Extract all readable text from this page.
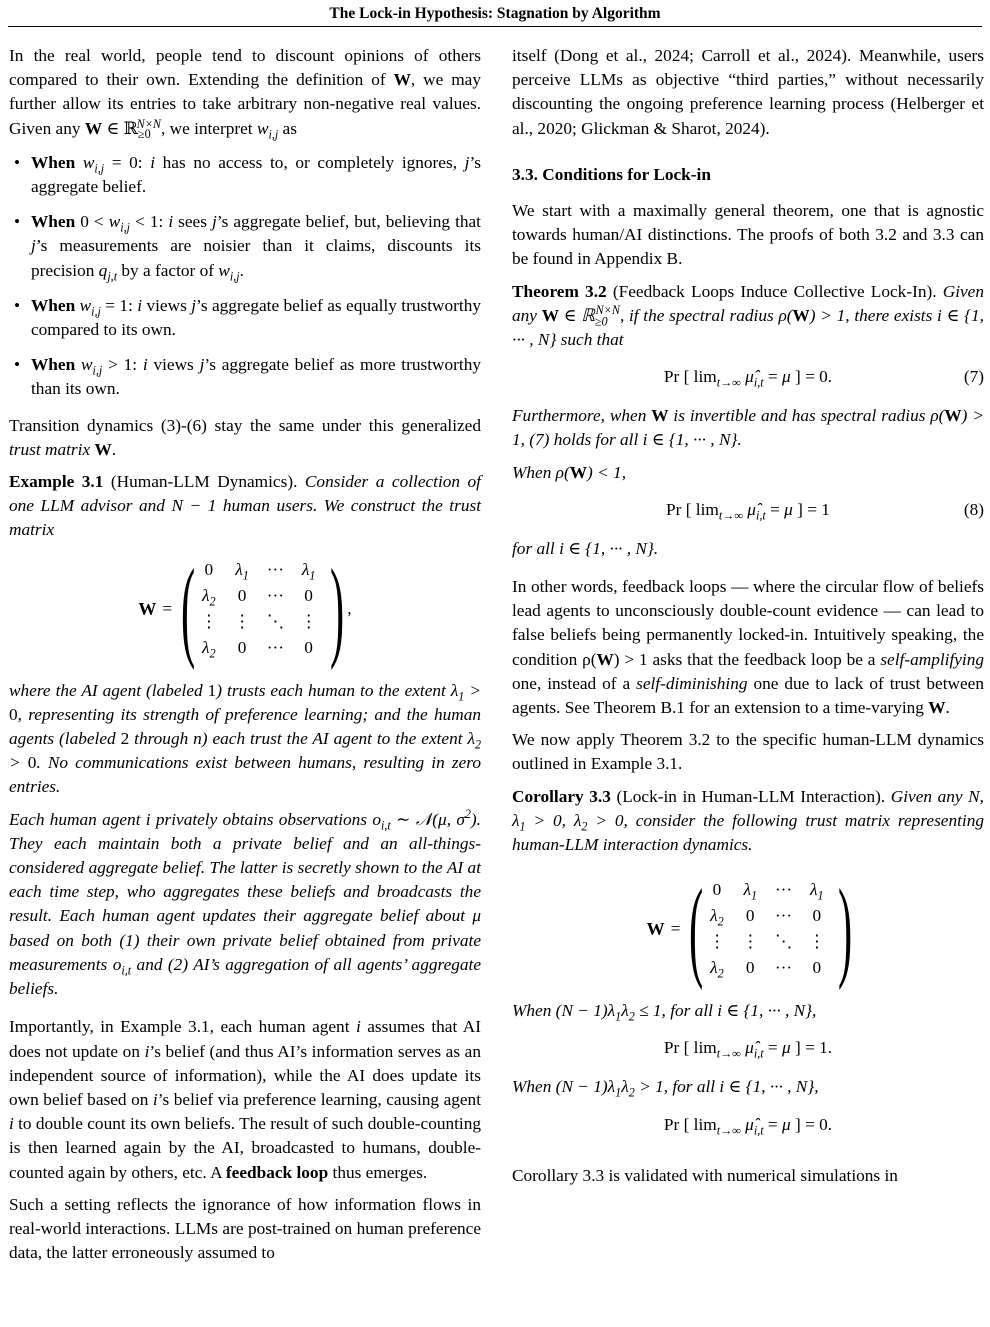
The Lock-in Hypothesis: Stagnation by Algorithm

In the real world, people tend to discount opinions of others compared to their own. Extending the definition of W, we may further allow its entries to take arbitrary non-negative real values. Given any W ∈ ℝ$_{\ge 0}^{N\times N}$, we interpret $w_{i,j}$ as

• When $w_{i,j} = 0$: i has no access to, or completely ignores, j’s aggregate belief.
• When $0 < w_{i,j} < 1$: i sees j’s aggregate belief, but, believing that j’s measurements are noisier than it claims, discounts its precision $q_{j,t}$ by a factor of $w_{i,j}$.
• When $w_{i,j} = 1$: i views j’s aggregate belief as equally trustworthy compared to its own.
• When $w_{i,j} > 1$: i views j’s aggregate belief as more trustworthy than its own.

Transition dynamics (3)-(6) stay the same under this generalized trust matrix W.

Example 3.1 (Human-LLM Dynamics). Consider a collection of one LLM advisor and N − 1 human users. We construct the trust matrix

W = ( 0	$\lambda_1$	···	$\lambda_1$
$\lambda_2$	0	···	0
⋮	⋮	⋱	⋮
$\lambda_2$	0	···	0 ) ,

where the AI agent (labeled 1) trusts each human to the extent $\lambda_1 > 0$, representing its strength of preference learning; and the human agents (labeled 2 through n) each trust the AI agent to the extent $\lambda_2 > 0$. No communications exist between humans, resulting in zero entries.

Each human agent i privately obtains observations $o_{i,t}$ ∼ 𝒩(μ, $\sigma^2$). They each maintain both a private belief and an all-things-considered aggregate belief. The latter is secretly shown to the AI at each time step, who aggregates these beliefs and broadcasts the result. Each human agent updates their aggregate belief about μ based on both (1) their own private belief obtained from private measurements $o_{i,t}$ and (2) AI’s aggregation of all agents’ aggregate beliefs.

Importantly, in Example 3.1, each human agent i assumes that AI does not update on i’s belief (and thus AI’s information serves as an independent source of information), while the AI does update its own belief based on i’s belief via preference learning, causing agent i to double count its own beliefs. The result of such double-counting is then learned again by the AI, broadcasted to humans, double-counted again by others, etc. A feedback loop thus emerges.

Such a setting reflects the ignorance of how information flows in real-world interactions. LLMs are post-trained on human preference data, the latter erroneously assumed to

itself (Dong et al., 2024; Carroll et al., 2024). Meanwhile, users perceive LLMs as objective “third parties,” without necessarily discounting the ongoing preference learning process (Helberger et al., 2020; Glickman & Sharot, 2024).

3.3. Conditions for Lock-in

We start with a maximally general theorem, one that is agnostic towards human/AI distinctions. The proofs of both 3.2 and 3.3 can be found in Appendix B.

Theorem 3.2 (Feedback Loops Induce Collective Lock-In). Given any W ∈ ℝ$_{\ge 0}^{N\times N}$, if the spectral radius ρ(W) > 1, there exists i ∈ {1, ··· , N} such that

Pr [ $\lim_{t\to\infty}$ $\mû_{i,t} = \mu$ ] = 0.	(7)

Furthermore, when W is invertible and has spectral radius ρ(W) > 1, (7) holds for all i ∈ {1, ··· , N}.

When ρ(W) < 1,

Pr [ $\lim_{t\to\infty}$ $\mû_{i,t} = \mu$ ] = 1	(8)

for all i ∈ {1, ··· , N}.

In other words, feedback loops — where the circular flow of beliefs lead agents to unconsciously double-count evidence — can lead to false beliefs being permanently locked-in. Intuitively speaking, the condition ρ(W) > 1 asks that the feedback loop be a self-amplifying one, instead of a self-diminishing one due to lack of trust between agents. See Theorem B.1 for an extension to a time-varying W.

We now apply Theorem 3.2 to the specific human-LLM dynamics outlined in Example 3.1.

Corollary 3.3 (Lock-in in Human-LLM Interaction). Given any N, $\lambda_1 > 0$, $\lambda_2 > 0$, consider the following trust matrix representing human-LLM interaction dynamics.

W = ( 0	$\lambda_1$	···	$\lambda_1$
$\lambda_2$	0	···	0
⋮	⋮	⋱	⋮
$\lambda_2$	0	···	0 )

When $(N - 1)\lambda_1\lambda_2 \le 1$, for all i ∈ {1, ··· , N},

Pr [ $\lim_{t\to\infty}$ $\mû_{i,t} = \mu$ ] = 1.

When $(N - 1)\lambda_1\lambda_2 > 1$, for all i ∈ {1, ··· , N},

Pr [ $\lim_{t\to\infty}$ $\mû_{i,t} = \mu$ ] = 0.

Corollary 3.3 is validated with numerical simulations in
